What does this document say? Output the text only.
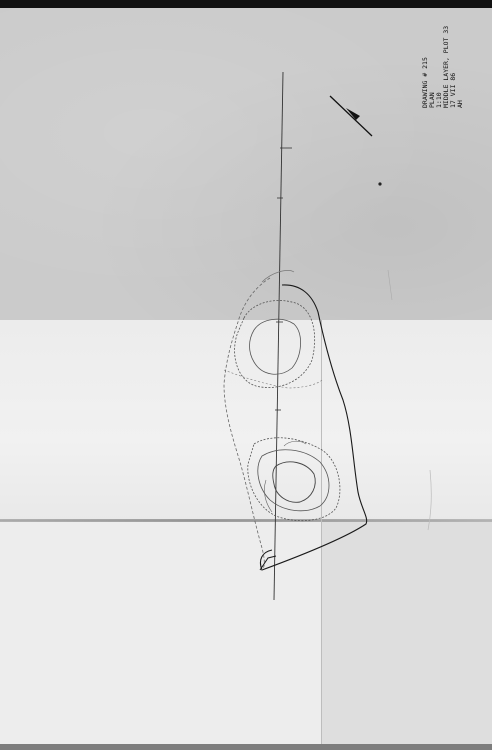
DRAWING # 215 PLAN 1:10 MIDDLE LAYER, PLOT 33 17 VII 86 AH
